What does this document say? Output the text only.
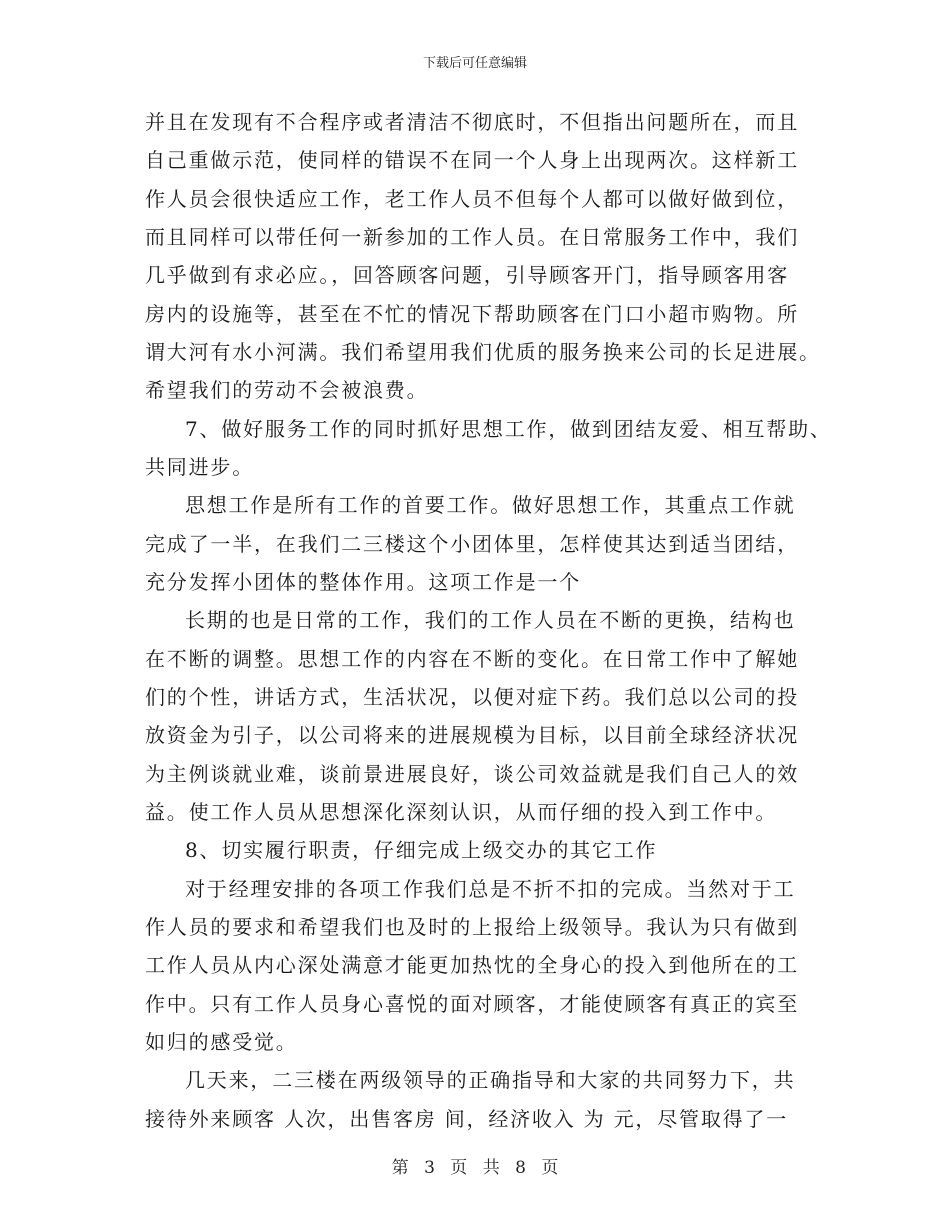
下载后可任意编辑
并且在发现有不合程序或者清洁不彻底时，不但指出问题所在，而且
自己重做示范，使同样的错误不在同一个人身上出现两次。这样新工
作人员会很快适应工作，老工作人员不但每个人都可以做好做到位，
而且同样可以带任何一新参加的工作人员。在日常服务工作中，我们
几乎做到有求必应。，回答顾客问题，引导顾客开门，指导顾客用客
房内的设施等，甚至在不忙的情况下帮助顾客在门口小超市购物。所
谓大河有水小河满。我们希望用我们优质的服务换来公司的长足进展。
希望我们的劳动不会被浪费。
7、做好服务工作的同时抓好思想工作，做到团结友爱、相互帮助、
共同进步。
思想工作是所有工作的首要工作。做好思想工作，其重点工作就
完成了一半，在我们二三楼这个小团体里，怎样使其达到适当团结，
充分发挥小团体的整体作用。这项工作是一个
长期的也是日常的工作，我们的工作人员在不断的更换，结构也
在不断的调整。思想工作的内容在不断的变化。在日常工作中了解她
们的个性，讲话方式，生活状况，以便对症下药。我们总以公司的投
放资金为引子，以公司将来的进展规模为目标，以目前全球经济状况
为主例谈就业难，谈前景进展良好，谈公司效益就是我们自己人的效
益。使工作人员从思想深化深刻认识，从而仔细的投入到工作中。
8、切实履行职责，仔细完成上级交办的其它工作
对于经理安排的各项工作我们总是不折不扣的完成。当然对于工
作人员的要求和希望我们也及时的上报给上级领导。我认为只有做到
工作人员从内心深处满意才能更加热忱的全身心的投入到他所在的工
作中。只有工作人员身心喜悦的面对顾客，才能使顾客有真正的宾至
如归的感受觉。
几天来，二三楼在两级领导的正确指导和大家的共同努力下，共
接待外来顾客 人次，出售客房 间，经济收入 为 元，尽管取得了一
第 3 页 共 8 页
